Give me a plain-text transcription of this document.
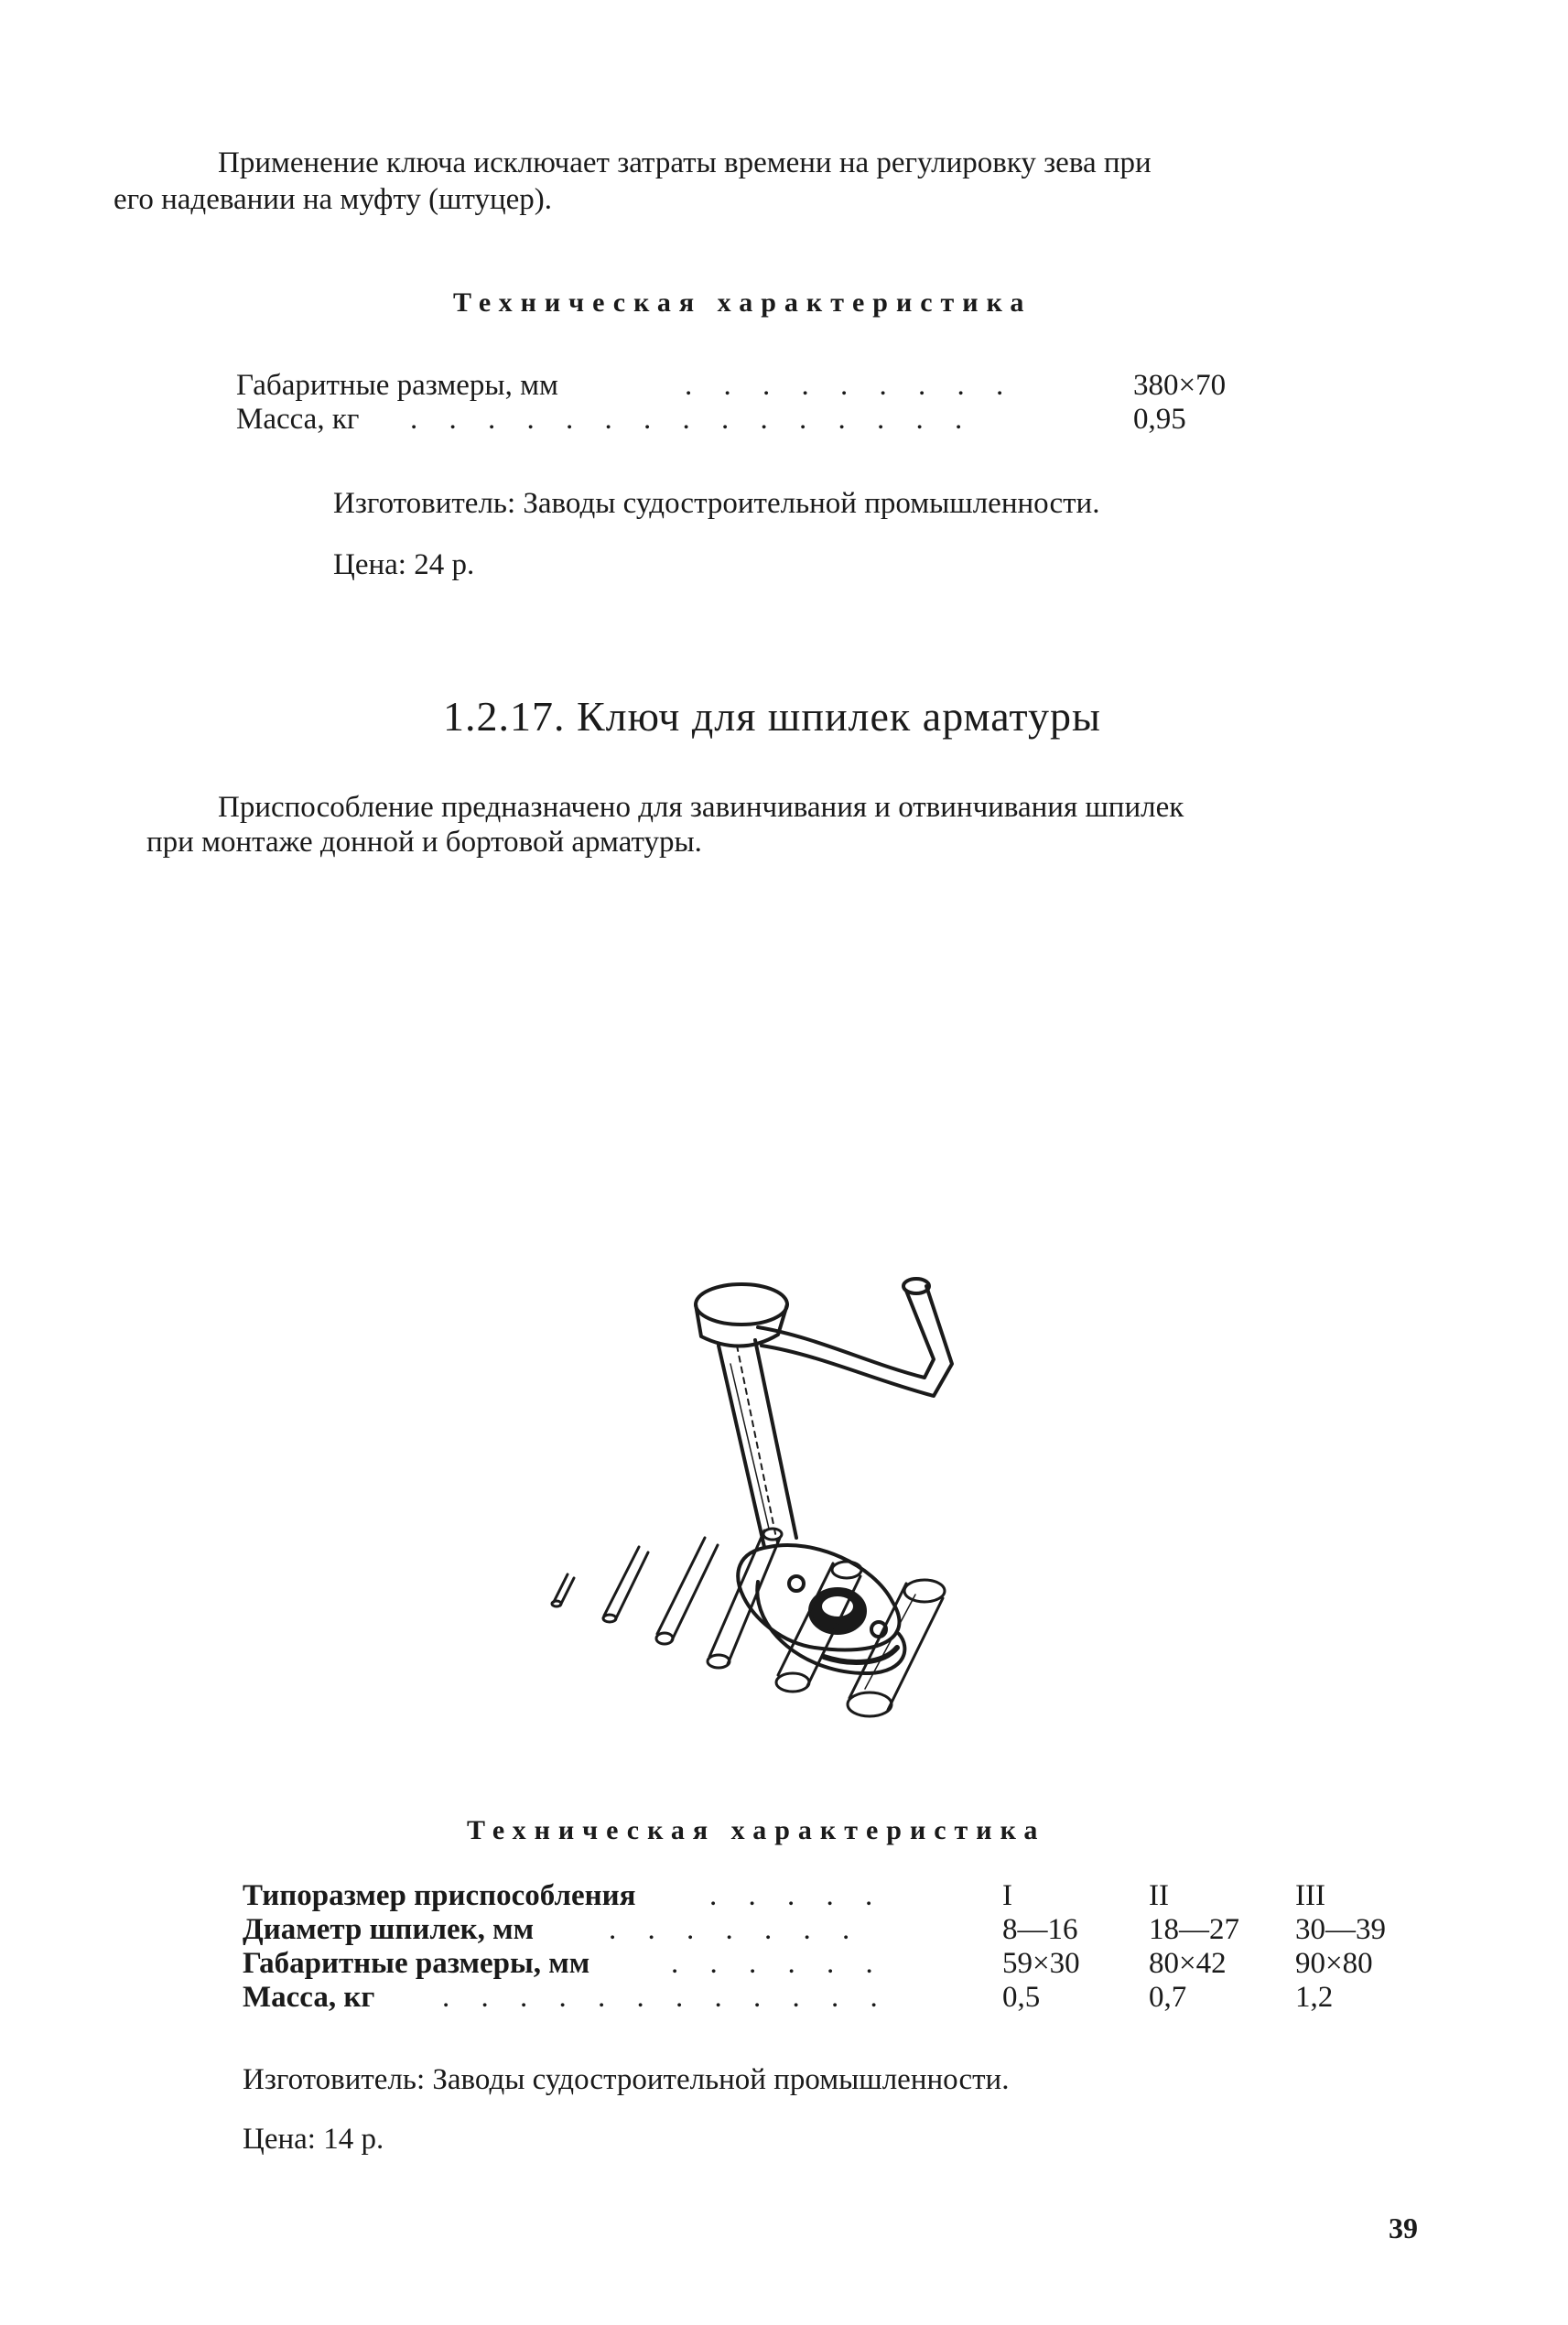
Применение ключа исключает затраты времени на регулировку зева при
его надевании на муфту (штуцер).
Техническая характеристика
Габаритные размеры, мм	. . . . . . . . .	380×70
Масса, кг . . . . . . . . . . . . . . .	0,95
Изготовитель: Заводы судостроительной промышленности.
Цена: 24 р.
1.2.17. Ключ для шпилек арматуры
Приспособление предназначено для завинчивания и отвинчивания шпилек
при монтаже донной и бортовой арматуры.
Техническая характеристика
Типоразмер приспособления . . . . .	I	II	III
Диаметр шпилек, мм . . . . . . .	8—16 18—27 30—39
Габаритные размеры, мм	. . . . . .	59×30 80×42 90×80
Масса, кг . . . . . . . . . . . .	0,5	0,7	1,2
Изготовитель: Заводы судостроительной промышленности.
Цена: 14 р.
39
